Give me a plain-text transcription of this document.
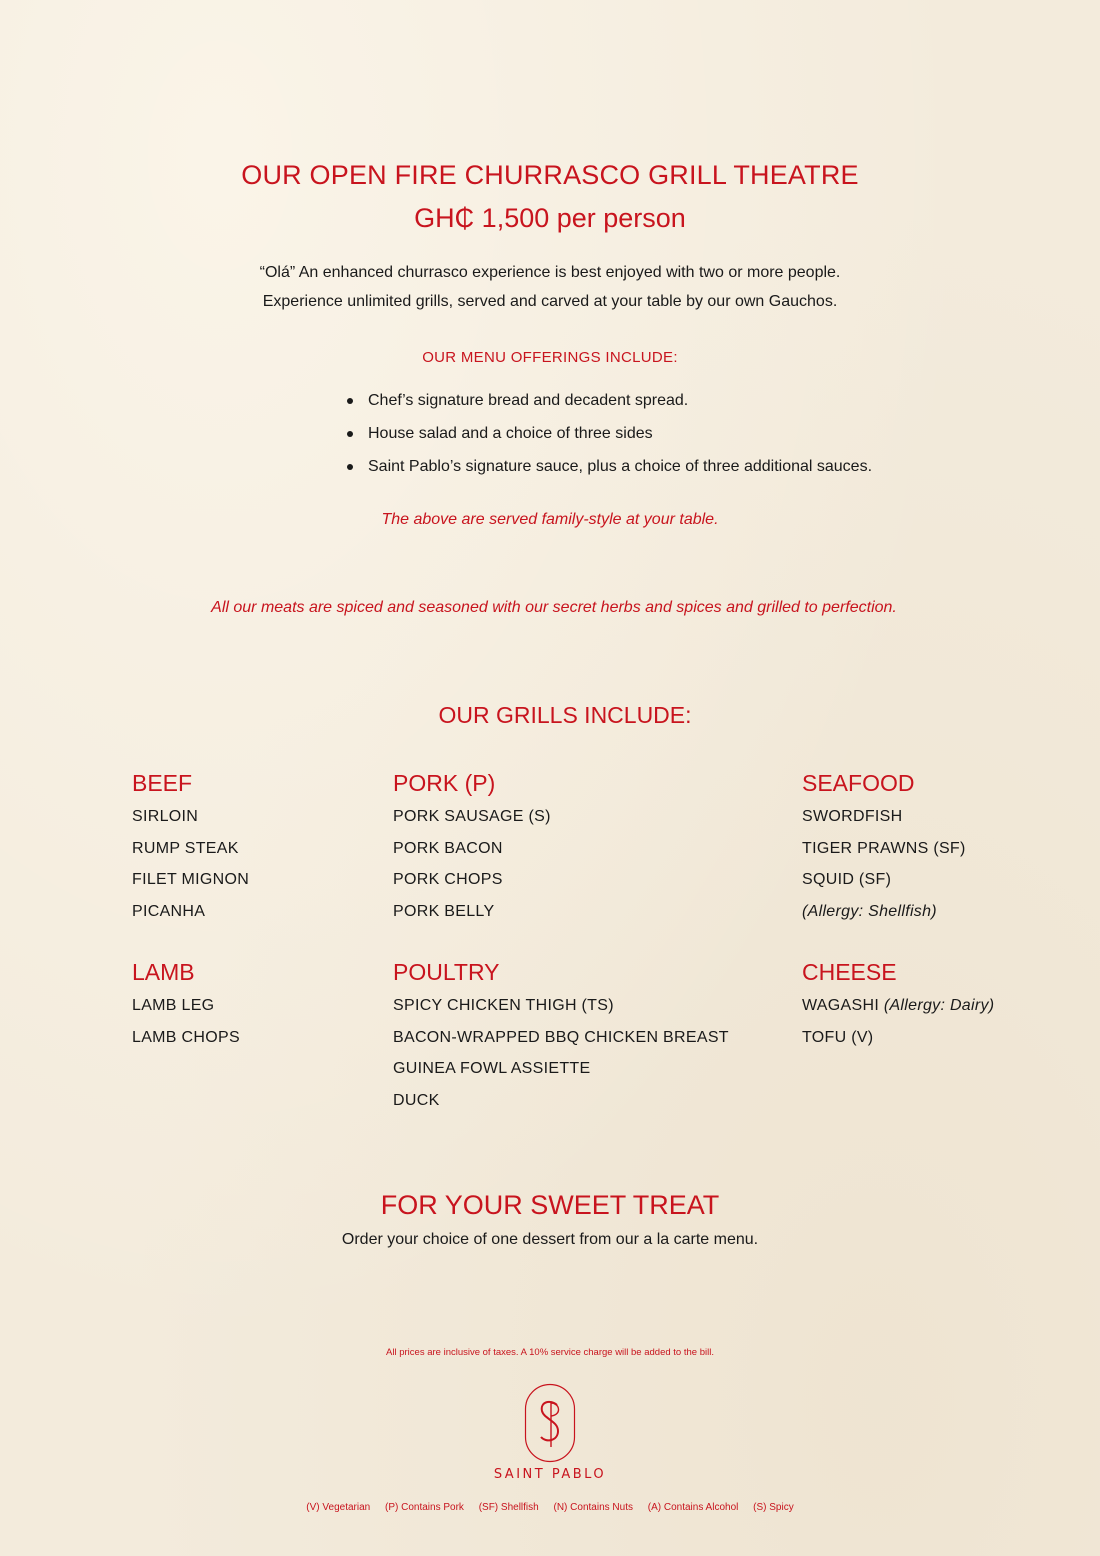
OUR OPEN FIRE CHURRASCO GRILL THEATRE
GH₵ 1,500 per person
“Olá” An enhanced churrasco experience is best enjoyed with two or more people.
Experience unlimited grills, served and carved at your table by our own Gauchos.
OUR MENU OFFERINGS INCLUDE:
Chef’s signature bread and decadent spread.
House salad and a choice of three sides
Saint Pablo’s signature sauce, plus a choice of three additional sauces.
The above are served family-style at your table.
All our meats are spiced and seasoned with our secret herbs and spices and grilled to perfection.
OUR GRILLS INCLUDE:
BEEF
SIRLOIN
RUMP STEAK
FILET MIGNON
PICANHA
PORK (P)
PORK SAUSAGE (S)
PORK BACON
PORK CHOPS
PORK BELLY
SEAFOOD
SWORDFISH
TIGER PRAWNS (SF)
SQUID (SF)
(Allergy: Shellfish)
LAMB
LAMB LEG
LAMB CHOPS
POULTRY
SPICY CHICKEN THIGH (TS)
BACON-WRAPPED BBQ CHICKEN BREAST
GUINEA FOWL ASSIETTE
DUCK
CHEESE
WAGASHI (Allergy: Dairy)
TOFU (V)
FOR YOUR SWEET TREAT
Order your choice of one dessert from our a la carte menu.
All prices are inclusive of taxes. A 10% service charge will be added to the bill.
SAINT PABLO
(V) Vegetarian (P) Contains Pork (SF) Shellfish (N) Contains Nuts (A) Contains Alcohol (S) Spicy
